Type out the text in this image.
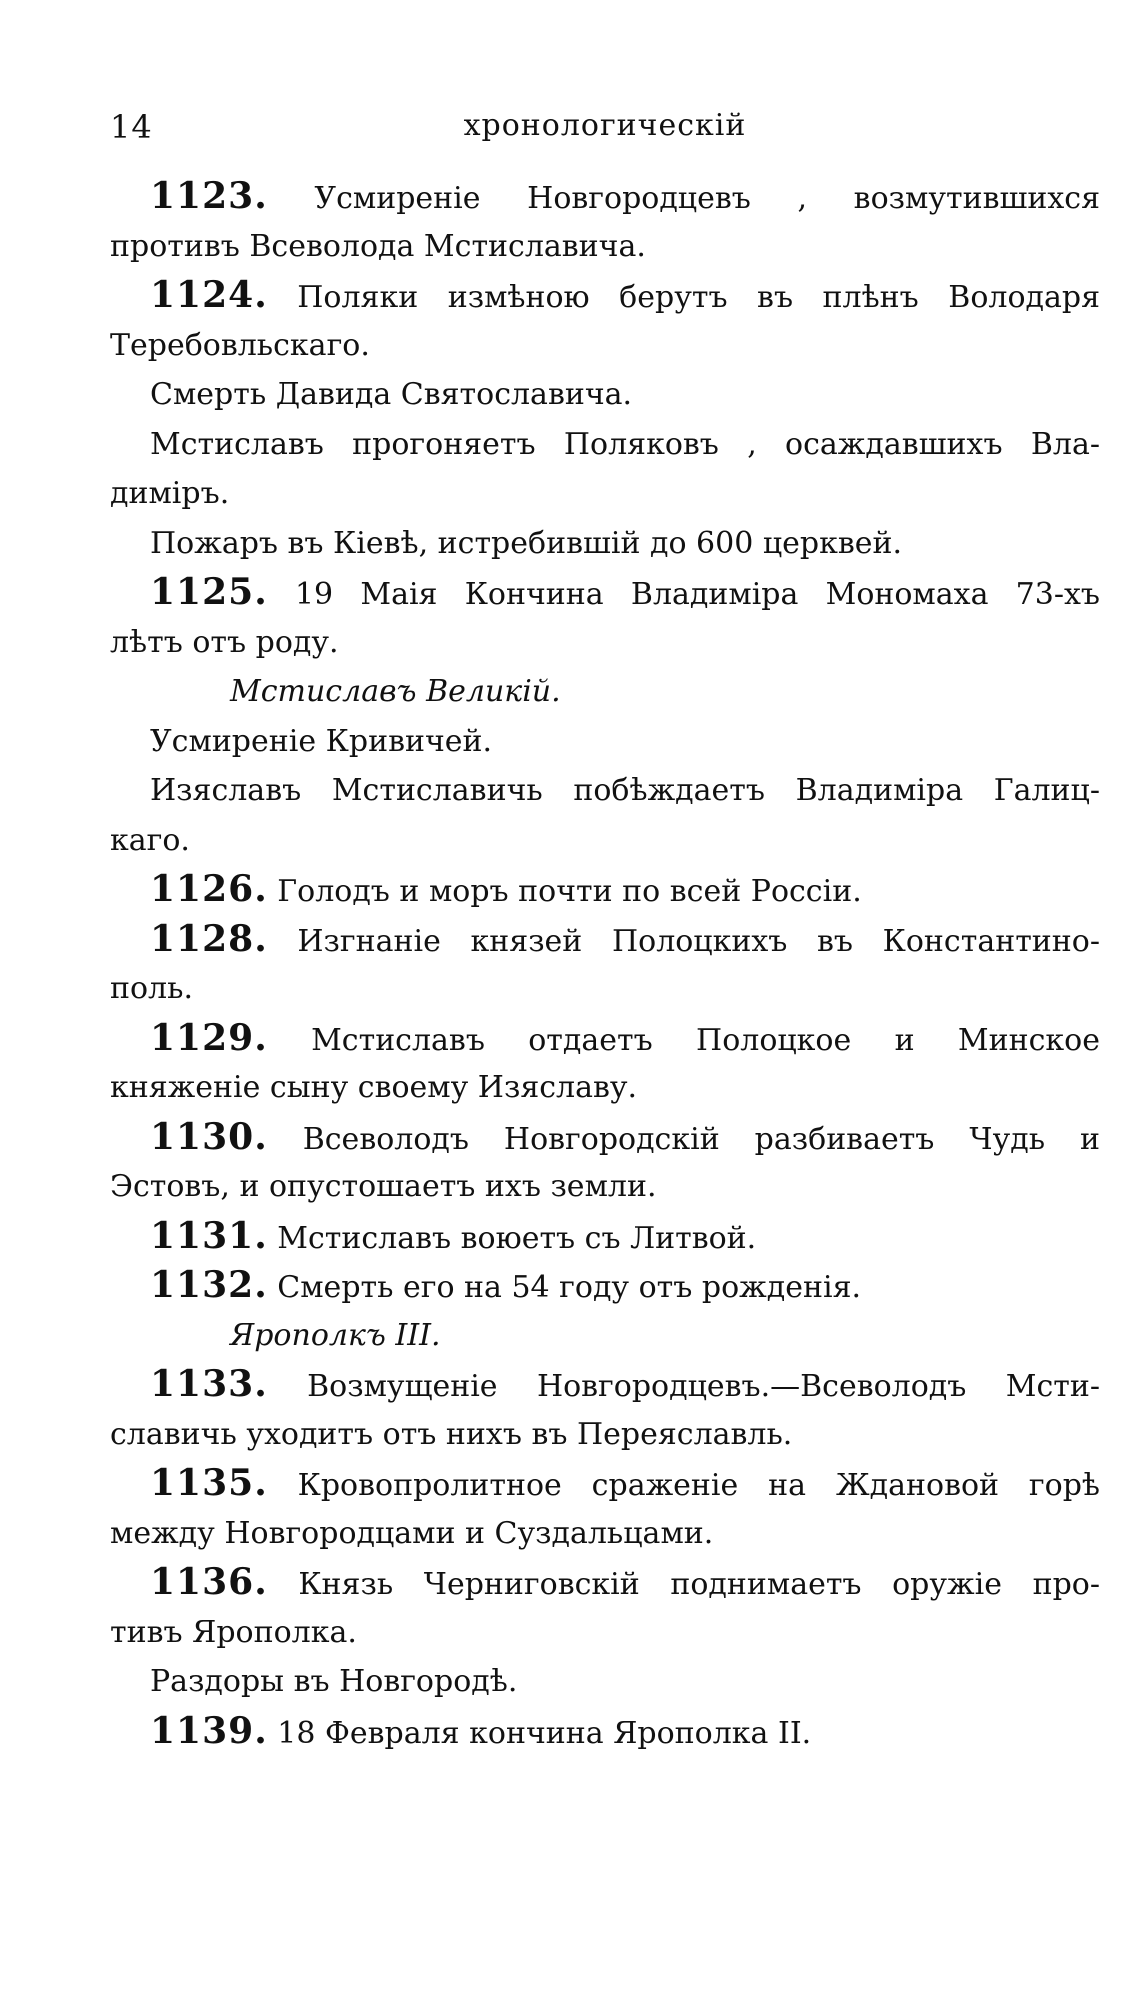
14	хронологическій
1123. Усмиреніе Новгородцевъ , возмутившихся
противъ Всеволода Мстиславича.
1124. Поляки измѣною берутъ въ плѣнъ Володаря
Теребовльскаго.
Смерть Давида Святославича.
Мстиславъ прогоняетъ Поляковъ , осаждавшихъ Вла-
диміръ.
Пожаръ въ Кіевѣ, истребившій до 600 церквей.
1125. 19 Маія Кончина Владиміра Мономаха 73-хъ
лѣтъ отъ роду.
Мстиславъ Великій.
Усмиреніе Кривичей.
Изяславъ Мстиславичь побѣждаетъ Владиміра Галиц-
каго.
1126. Голодъ и моръ почти по всей Россіи.
1128. Изгнаніе князей Полоцкихъ въ Константино-
поль.
1129. Мстиславъ отдаетъ Полоцкое и Минское
княженіе сыну своему Изяславу.
1130. Всеволодъ Новгородскій разбиваетъ Чудь и
Эстовъ, и опустошаетъ ихъ земли.
1131. Мстиславъ воюетъ съ Литвой.
1132. Смерть его на 54 году отъ рожденія.
Ярополкъ III.
1133. Возмущеніе Новгородцевъ.—Всеволодъ Мсти-
славичь уходитъ отъ нихъ въ Переяславль.
1135. Кровопролитное сраженіе на Ждановой горѣ
между Новгородцами и Суздальцами.
1136. Князь Черниговскій поднимаетъ оружіе про-
тивъ Ярополка.
Раздоры въ Новгородѣ.
1139. 18 Февраля кончина Ярополка II.
